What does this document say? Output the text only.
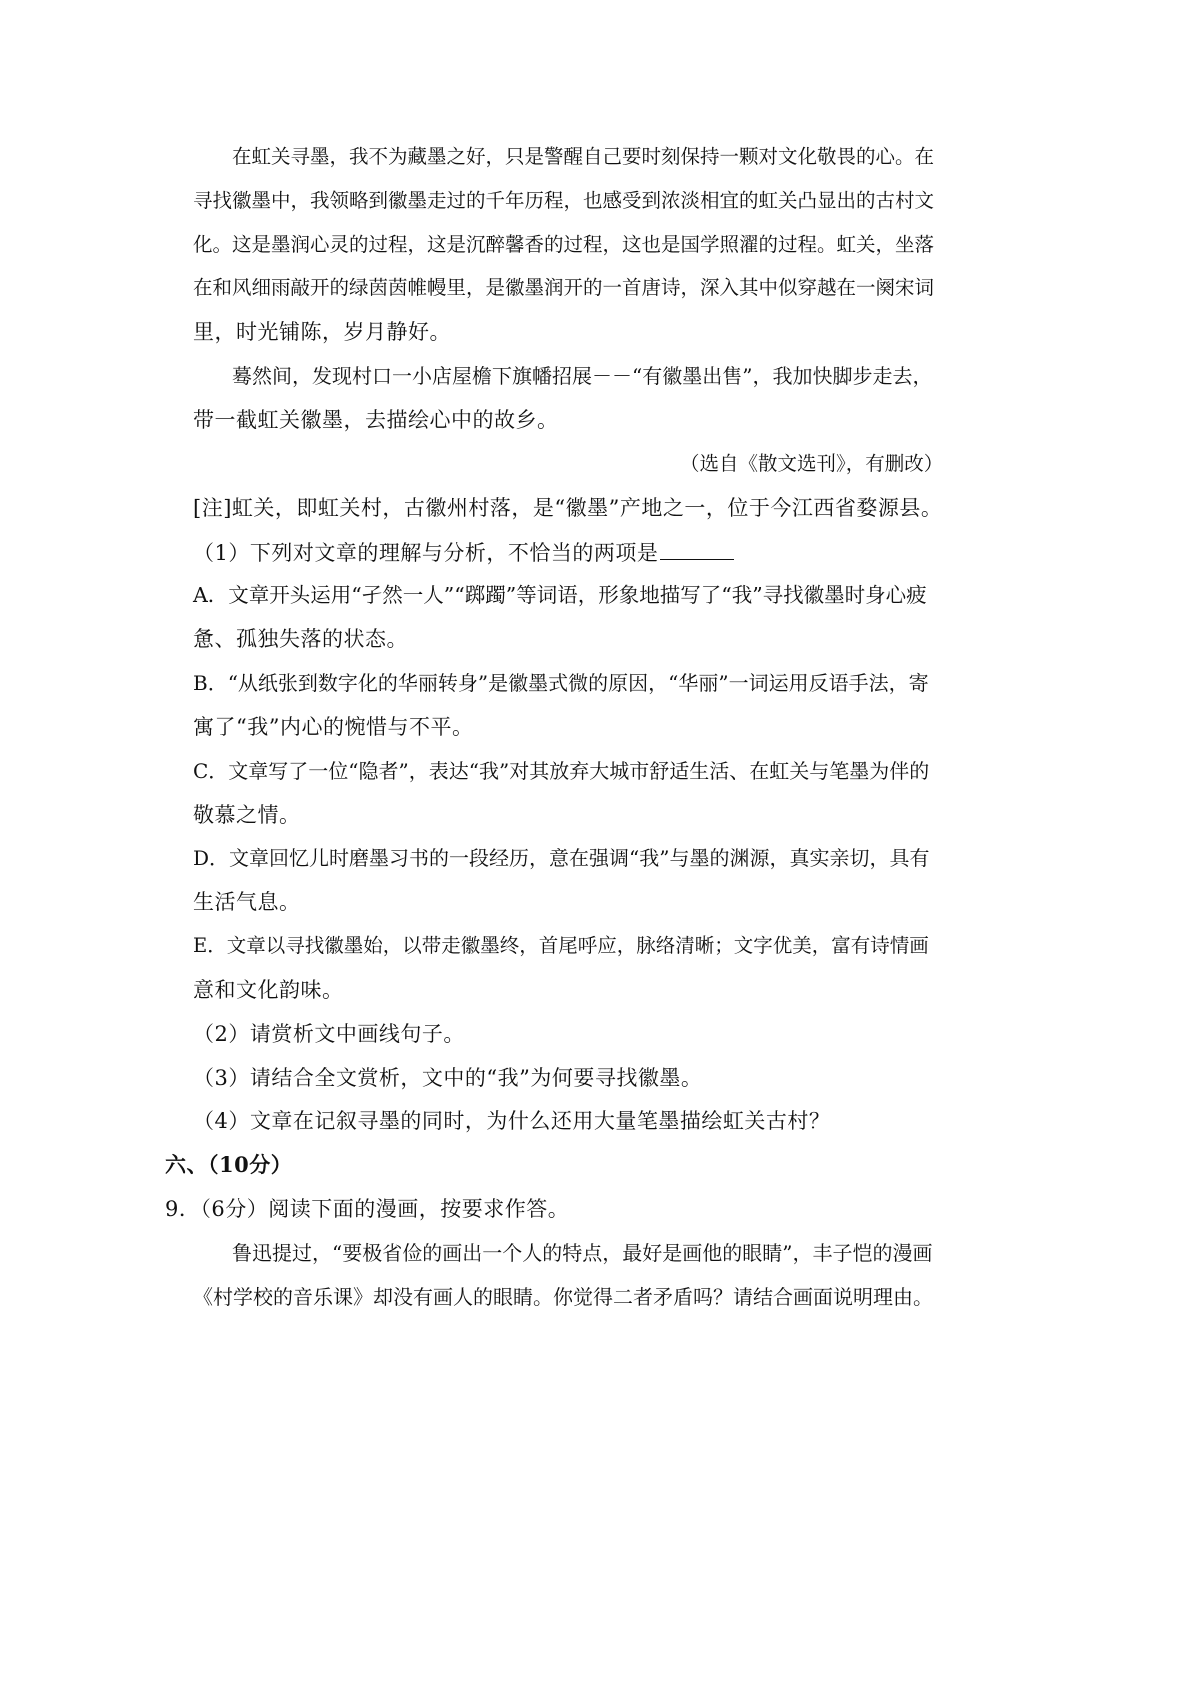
在虹关寻墨，我不为藏墨之好，只是警醒自己要时刻保持一颗对文化敬畏的心。在
寻找徽墨中，我领略到徽墨走过的千年历程，也感受到浓淡相宜的虹关凸显出的古村文
化。这是墨润心灵的过程，这是沉醉馨香的过程，这也是国学照濯的过程。虹关，坐落
在和风细雨敲开的绿茵茵帷幔里，是徽墨润开的一首唐诗，深入其中似穿越在一阕宋词
里，时光铺陈，岁月静好。
蓦然间，发现村口一小店屋檐下旗幡招展－－“有徽墨出售”，我加快脚步走去，
带一截虹关徽墨，去描绘心中的故乡。
（选自《散文选刊》，有删改）
[注]虹关，即虹关村，古徽州村落，是“徽墨”产地之一，位于今江西省婺源县。
（1）下列对文章的理解与分析，不恰当的两项是
A．文章开头运用“孑然一人”“踯躅”等词语，形象地描写了“我”寻找徽墨时身心疲
惫、孤独失落的状态。
B．“从纸张到数字化的华丽转身”是徽墨式微的原因，“华丽”一词运用反语手法，寄
寓了“我”内心的惋惜与不平。
C．文章写了一位“隐者”，表达“我”对其放弃大城市舒适生活、在虹关与笔墨为伴的
敬慕之情。
D．文章回忆儿时磨墨习书的一段经历，意在强调“我”与墨的渊源，真实亲切，具有
生活气息。
E．文章以寻找徽墨始，以带走徽墨终，首尾呼应，脉络清晰；文字优美，富有诗情画
意和文化韵味。
（2）请赏析文中画线句子。
（3）请结合全文赏析，文中的“我”为何要寻找徽墨。
（4）文章在记叙寻墨的同时，为什么还用大量笔墨描绘虹关古村？
六、（10分）
9．（6分）阅读下面的漫画，按要求作答。
鲁迅提过，“要极省俭的画出一个人的特点，最好是画他的眼睛”，丰子恺的漫画
《村学校的音乐课》却没有画人的眼睛。你觉得二者矛盾吗？请结合画面说明理由。
